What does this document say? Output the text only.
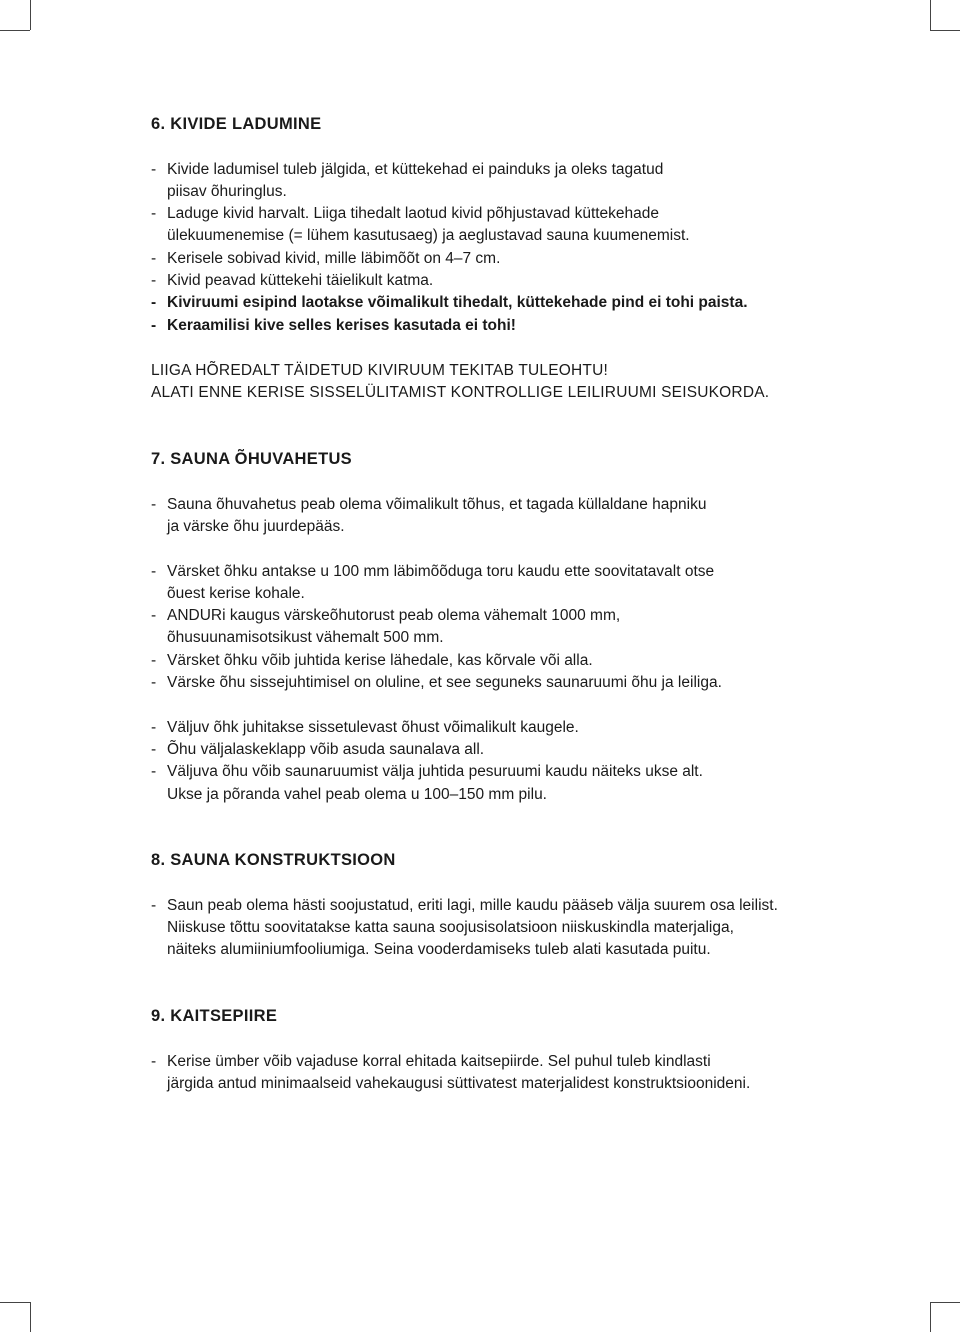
6. KIVIDE LADUMINE
- Kivide ladumisel tuleb jälgida, et küttekehad ei painduks ja oleks tagatud
piisav õhuringlus.
- Laduge kivid harvalt. Liiga tihedalt laotud kivid põhjustavad küttekehade
ülekuumenemise (= lühem kasutusaeg) ja aeglustavad sauna kuumenemist.
- Kerisele sobivad kivid, mille läbimõõt on 4–7 cm.
- Kivid peavad küttekehi täielikult katma.
- Kiviruumi esipind laotakse võimalikult tihedalt, küttekehade pind ei tohi paista.
- Keraamilisi kive selles kerises kasutada ei tohi!
LIIGA HÕREDALT TÄIDETUD KIVIRUUM TEKITAB TULEOHTU!
ALATI ENNE KERISE SISSELÜLITAMIST KONTROLLIGE LEILIRUUMI SEISUKORDA.
7. SAUNA ÕHUVAHETUS
- Sauna õhuvahetus peab olema võimalikult tõhus, et tagada küllaldane hapniku
ja värske õhu juurdepääs.
- Värsket õhku antakse u 100 mm läbimõõduga toru kaudu ette soovitatavalt otse
õuest kerise kohale.
- ANDURi kaugus värskeõhutorust peab olema vähemalt 1000 mm,
õhusuunamisotsikust vähemalt 500 mm.
- Värsket õhku võib juhtida kerise lähedale, kas kõrvale või alla.
- Värske õhu sissejuhtimisel on oluline, et see seguneks saunaruumi õhu ja leiliga.
- Väljuv õhk juhitakse sissetulevast õhust võimalikult kaugele.
- Õhu väljalaskeklapp võib asuda saunalava all.
- Väljuva õhu võib saunaruumist välja juhtida pesuruumi kaudu näiteks ukse alt.
Ukse ja põranda vahel peab olema u 100–150 mm pilu.
8. SAUNA KONSTRUKTSIOON
- Saun peab olema hästi soojustatud, eriti lagi, mille kaudu pääseb välja suurem osa leilist.
Niiskuse tõttu soovitatakse katta sauna soojusisolatsioon niiskuskindla materjaliga,
näiteks alumiiniumfooliumiga. Seina vooderdamiseks tuleb alati kasutada puitu.
9. KAITSEPIIRE
- Kerise ümber võib vajaduse korral ehitada kaitsepiirde. Sel puhul tuleb kindlasti
järgida antud minimaalseid vahekaugusi süttivatest materjalidest konstruktsioonideni.
